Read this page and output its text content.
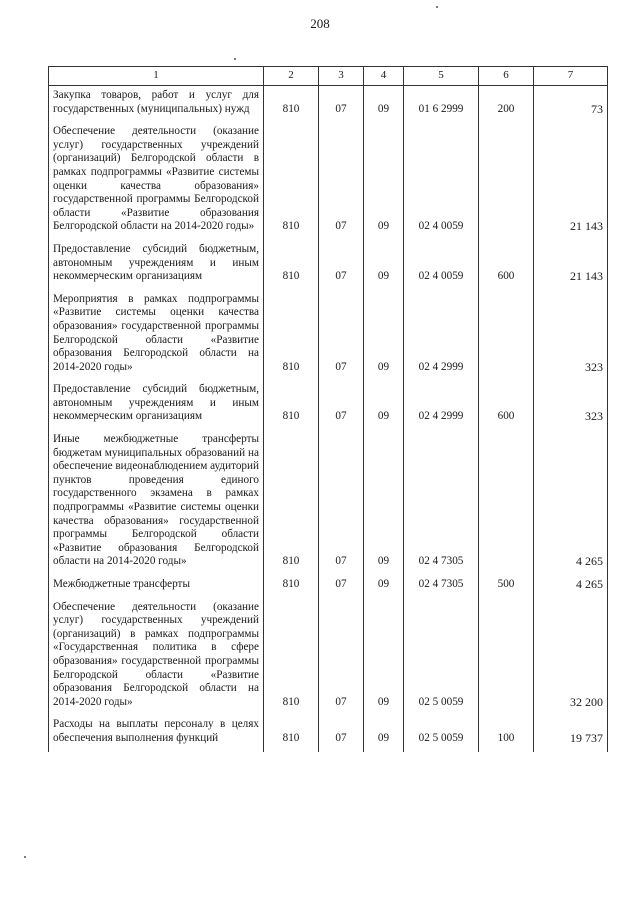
208
1	2	3	4	5	6	7
Закупка товаров, работ и услуг для государственных (муниципальных) нужд	810	07	09	01 6 2999	200	73
Обеспечение деятельности (оказание услуг) государственных учреждений (организаций) Белгородской области в рамках подпрограммы «Развитие системы оценки качества образования» государственной программы Белгородской области «Развитие образования Белгородской области на 2014-2020 годы»	810	07	09	02 4 0059		21 143
Предоставление субсидий бюджетным, автономным учреждениям и иным некоммерческим организациям	810	07	09	02 4 0059	600	21 143
Мероприятия в рамках подпрограммы «Развитие системы оценки качества образования» государственной программы Белгородской области «Развитие образования Белгородской области на 2014-2020 годы»	810	07	09	02 4 2999		323
Предоставление субсидий бюджетным, автономным учреждениям и иным некоммерческим организациям	810	07	09	02 4 2999	600	323
Иные межбюджетные трансферты бюджетам муниципальных образований на обеспечение видеонаблюдением аудиторий пунктов проведения единого государственного экзамена в рамках подпрограммы «Развитие системы оценки качества образования» государственной программы Белгородской области «Развитие образования Белгородской области на 2014-2020 годы»	810	07	09	02 4 7305		4 265
Межбюджетные трансферты	810	07	09	02 4 7305	500	4 265
Обеспечение деятельности (оказание услуг) государственных учреждений (организаций) в рамках подпрограммы «Государственная политика в сфере образования» государственной программы Белгородской области «Развитие образования Белгородской области на 2014-2020 годы»	810	07	09	02 5 0059		32 200
Расходы на выплаты персоналу в целях обеспечения выполнения функций	810	07	09	02 5 0059	100	19 737
